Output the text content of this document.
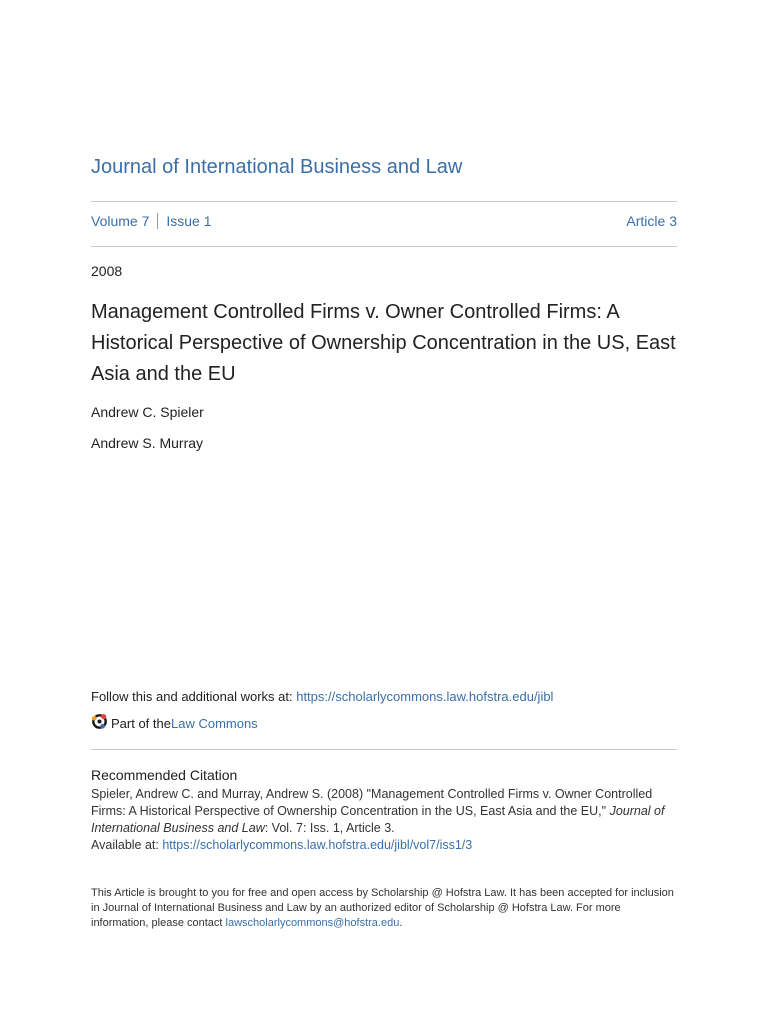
Journal of International Business and Law
Volume 7 Issue 1	Article 3
2008
Management Controlled Firms v. Owner Controlled Firms: A Historical Perspective of Ownership Concentration in the US, East Asia and the EU
Andrew C. Spieler
Andrew S. Murray
Follow this and additional works at: https://scholarlycommons.law.hofstra.edu/jibl
Part of the Law Commons
Recommended Citation
Spieler, Andrew C. and Murray, Andrew S. (2008) "Management Controlled Firms v. Owner Controlled Firms: A Historical Perspective of Ownership Concentration in the US, East Asia and the EU," Journal of International Business and Law: Vol. 7: Iss. 1, Article 3.
Available at: https://scholarlycommons.law.hofstra.edu/jibl/vol7/iss1/3
This Article is brought to you for free and open access by Scholarship @ Hofstra Law. It has been accepted for inclusion in Journal of International Business and Law by an authorized editor of Scholarship @ Hofstra Law. For more information, please contact lawscholarlycommons@hofstra.edu.
